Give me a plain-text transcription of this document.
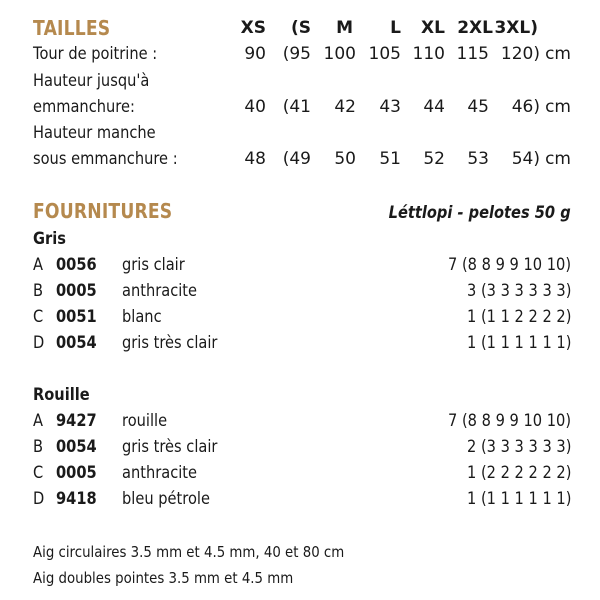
TAILLES	XS (S M L XL 2XL 3XL)
Tour de poitrine :	90 (95 100 105 110 115 120) cm
Hauteur jusqu'à
emmanchure:	40 (41 42 43 44 45 46) cm
Hauteur manche
sous emmanchure :	48 (49 50 51 52 53 54) cm
FOURNITURES	Léttlopi - pelotes 50 g
Gris
A 0056 gris clair	7 (8 8 9 9 10 10)
B 0005 anthracite	3 (3 3 3 3 3 3)
C 0051 blanc	1 (1 1 2 2 2 2)
D 0054 gris très clair	1 (1 1 1 1 1 1)
Rouille
A 9427 rouille	7 (8 8 9 9 10 10)
B 0054 gris très clair	2 (3 3 3 3 3 3)
C 0005 anthracite	1 (2 2 2 2 2 2)
D 9418 bleu pétrole	1 (1 1 1 1 1 1)
Aig circulaires 3.5 mm et 4.5 mm, 40 et 80 cm
Aig doubles pointes 3.5 mm et 4.5 mm
